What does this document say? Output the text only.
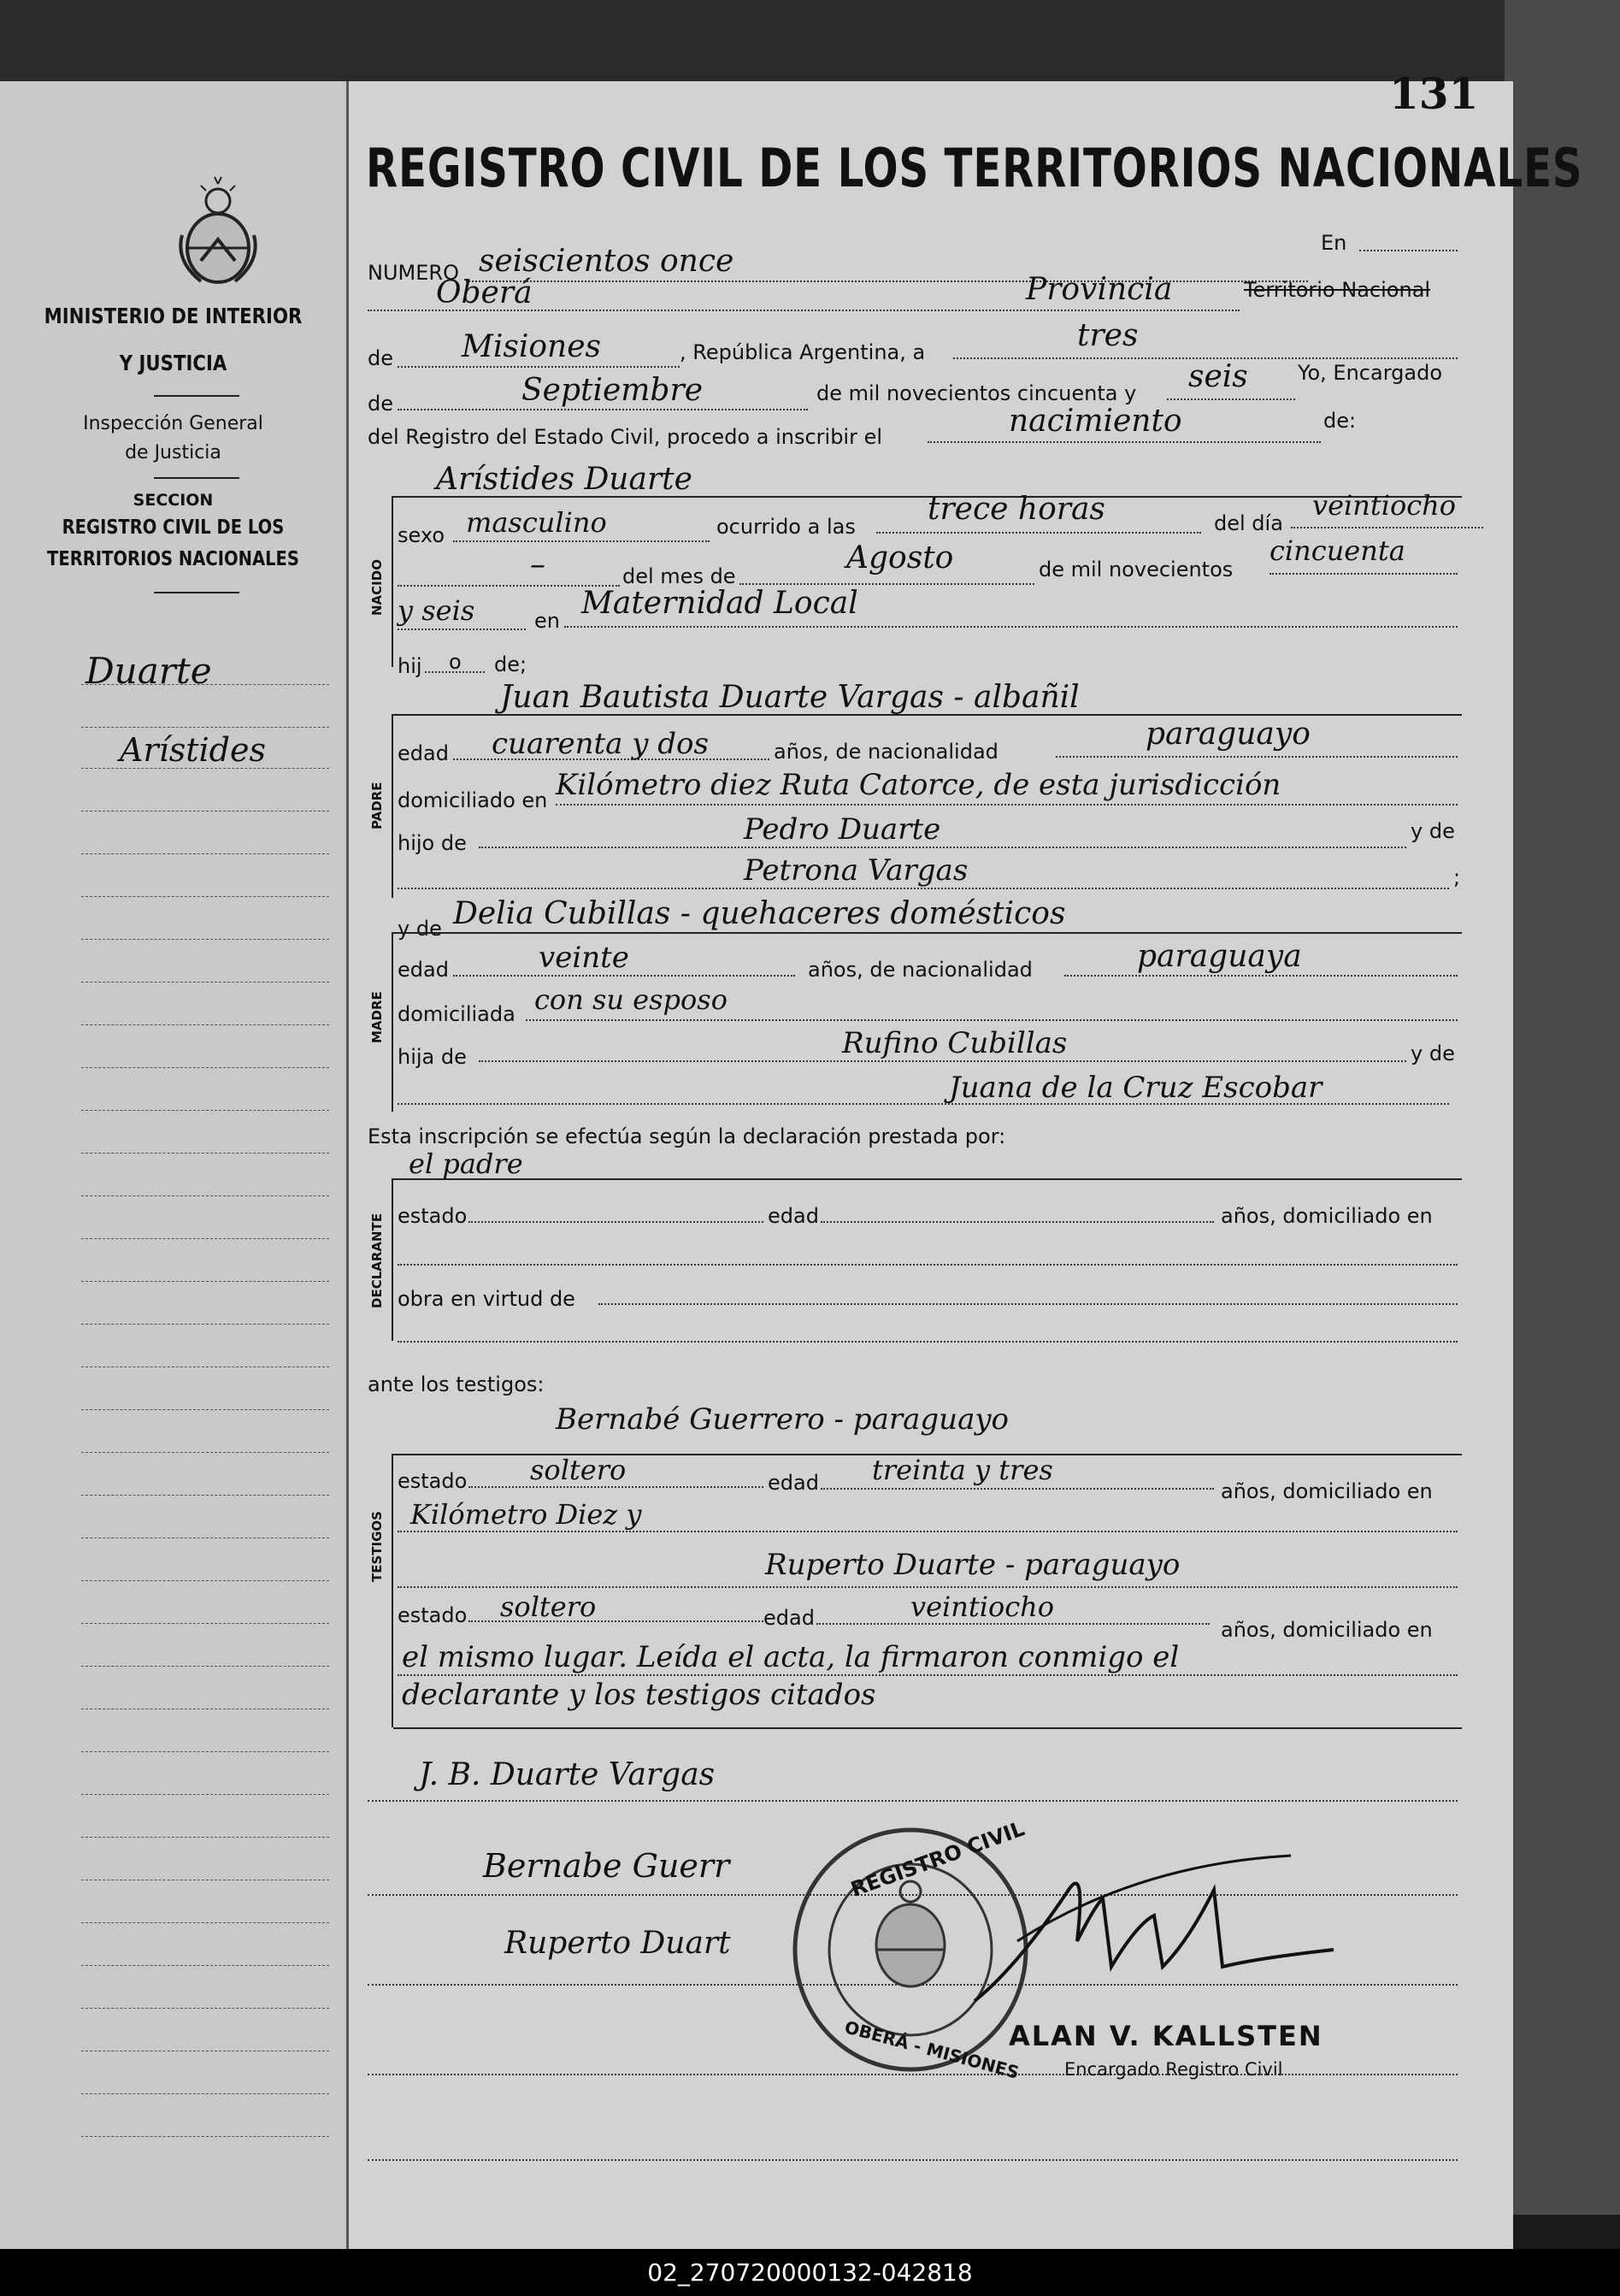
131
REGISTRO CIVIL DE LOS TERRITORIOS NACIONALES
MINISTERIO DE INTERIOR
Y JUSTICIA
Inspección General
de Justicia
SECCION
REGISTRO CIVIL DE LOS
TERRITORIOS NACIONALES
Duarte
Arístides
NUMERO seiscientos once
En
Oberá	Provincia	Territorio Nacional
de Misiones	, República Argentina, a	tres
de	Septiembre	de mil novecientos cincuenta y seis Yo, Encargado
del Registro del Estado Civil, procedo a inscribir el	nacimiento	de:
Arístides Duarte
NACIDO
sexo masculino	ocurrido a las trece horas	del día
veintiocho
–	del mes de
Agosto	de mil novecientos
cincuenta
y seis	en Maternidad Local
hij o de;
Juan Bautista Duarte Vargas - albañil
PADRE
edad cuarenta y dos	años, de nacionalidad	paraguayo
domiciliado en Kilómetro diez Ruta Catorce, de esta jurisdicción
hijo de	Pedro Duarte	y de
Petrona Vargas	;
y de Delia Cubillas - quehaceres domésticos
MADRE
edad	veinte	años, de nacionalidad	paraguaya
domiciliada con su esposo
hija de	Rufino Cubillas	y de
Juana de la Cruz Escobar
Esta inscripción se efectúa según la declaración prestada por:
el padre
DECLARANTE estado	edad	años, domiciliado en
obra en virtud de
ante los testigos:
Bernabé Guerrero - paraguayo
TESTIGOS
estado soltero	edad treinta y tres
años, domiciliado en
Kilómetro Diez y
Ruperto Duarte - paraguayo
estado soltero	edad	veintiocho
años, domiciliado en
el mismo lugar. Leída el acta, la firmaron conmigo el
declarante y los testigos citados
J. B. Duarte Vargas
Bernabe Guerr
Ruperto Duart
REGISTRO CIVIL
OBERÁ - MISIONES
ALAN V. KALLSTEN
Encargado Registro Civil
02_270720000132-042818
